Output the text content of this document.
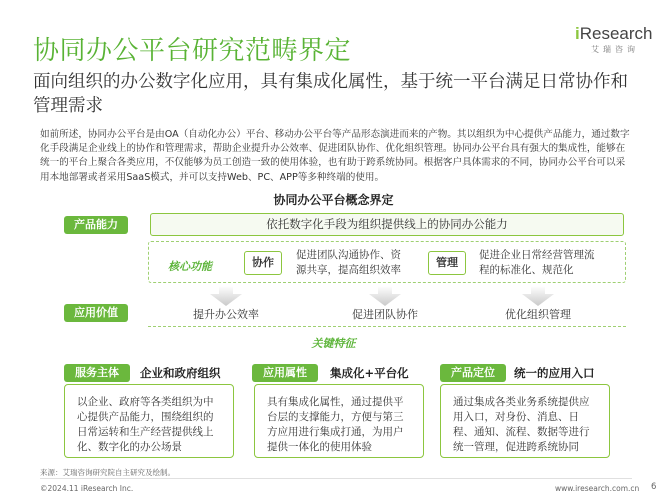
协同办公平台研究范畴界定
iResearch
艾瑞咨询
面向组织的办公数字化应用，具有集成化属性，基于统一平台满足日常协作和管理需求
如前所述，协同办公平台是由OA（自动化办公）平台、移动办公平台等产品形态演进而来的产物。其以组织为中心提供产品能力，通过数字化手段满足企业线上的协作和管理需求，帮助企业提升办公效率、促进团队协作、优化组织管理。协同办公平台具有强大的集成性，能够在统一的平台上聚合各类应用，不仅能够为员工创造一致的使用体验，也有助于跨系统协同。根据客户具体需求的不同，协同办公平台可以采用本地部署或者采用SaaS模式，并可以支持Web、PC、APP等多种终端的使用。
协同办公平台概念界定
产品能力	依托数字化手段为组织提供线上的协同办公能力
核心功能	协作
促进团队沟通协作、资源共享，提高组织效率
管理
促进企业日常经营管理流程的标准化、规范化
应用价值	提升办公效率	促进团队协作	优化组织管理
关键特征
服务主体	企业和政府组织
以企业、政府等各类组织为中心提供产品能力，围绕组织的日常运转和生产经营提供线上化、数字化的办公场景
应用属性	集成化+平台化
具有集成化属性，通过提供平台层的支撑能力，方便与第三方应用进行集成打通，为用户提供一体化的使用体验
产品定位	统一的应用入口
通过集成各类业务系统提供应用入口，对身份、消息、日程、通知、流程、数据等进行统一管理，促进跨系统协同
来源：艾瑞咨询研究院自主研究及绘制。
©2024.11 iResearch Inc.	www.iresearch.com.cn 6
